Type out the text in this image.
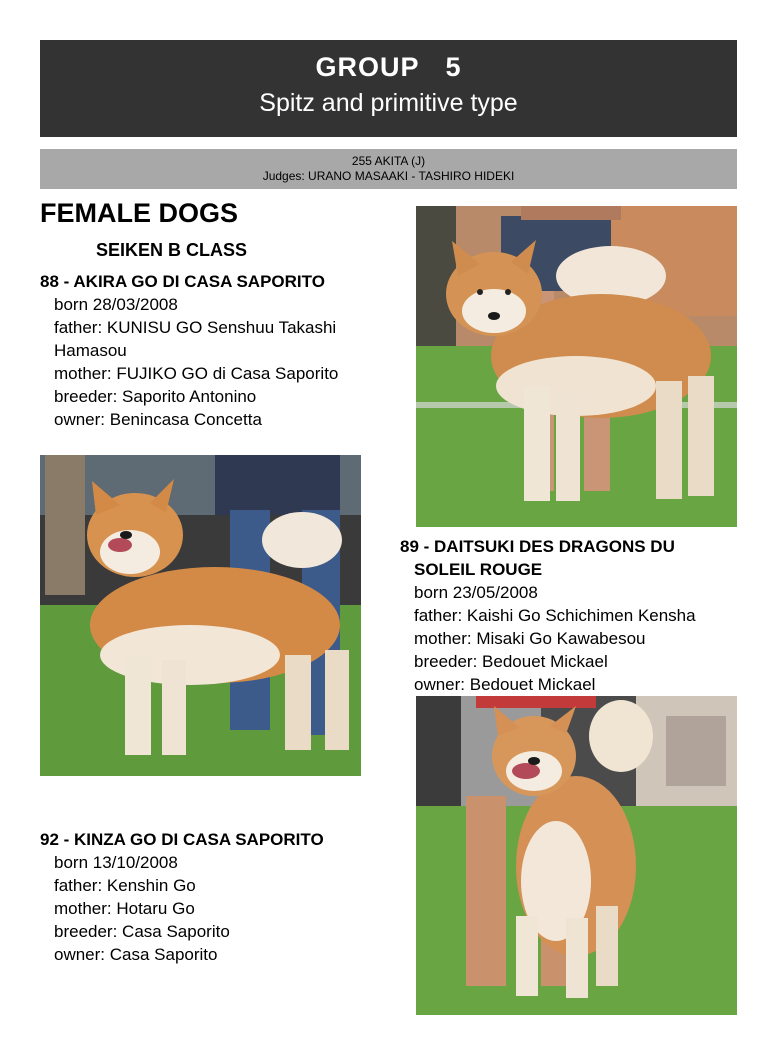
GROUP 5
Spitz and primitive type
255 AKITA (J)
Judges: URANO MASAAKI - TASHIRO HIDEKI
FEMALE DOGS
SEIKEN B CLASS
88 - AKIRA GO DI CASA SAPORITO
born 28/03/2008
father: KUNISU GO Senshuu Takashi
Hamasou
mother: FUJIKO GO di Casa Saporito
breeder: Saporito Antonino
owner: Benincasa Concetta
89 - DAITSUKI DES DRAGONS DU
SOLEIL ROUGE
born 23/05/2008
father: Kaishi Go Schichimen Kensha
mother: Misaki Go Kawabesou
breeder: Bedouet Mickael
owner: Bedouet Mickael
92 - KINZA GO DI CASA SAPORITO
born 13/10/2008
father: Kenshin Go
mother: Hotaru Go
breeder: Casa Saporito
owner: Casa Saporito
